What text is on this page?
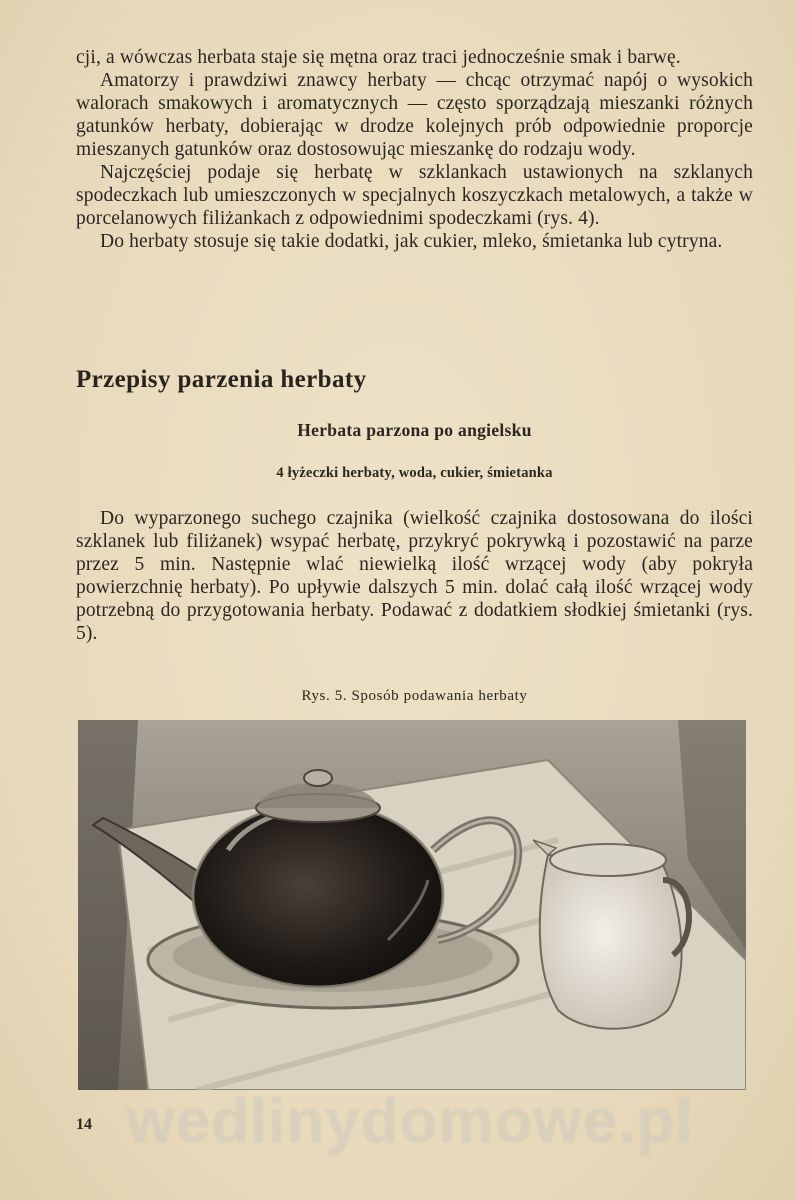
cji, a wówczas herbata staje się mętna oraz traci jednocześnie smak i barwę.

Amatorzy i prawdziwi znawcy herbaty — chcąc otrzymać napój o wysokich walorach smakowych i aromatycznych — często sporządzają mieszanki różnych gatunków herbaty, dobierając w drodze kolejnych prób odpowiednie proporcje mieszanych gatunków oraz dostosowując mieszankę do rodzaju wody.

Najczęściej podaje się herbatę w szklankach ustawionych na szklanych spodeczkach lub umieszczonych w specjalnych koszyczkach metalowych, a także w porcelanowych filiżankach z odpowiednimi spodeczkami (rys. 4).

Do herbaty stosuje się takie dodatki, jak cukier, mleko, śmietanka lub cytryna.

Przepisy parzenia herbaty
Herbata parzona po angielsku
4 łyżeczki herbaty, woda, cukier, śmietanka

Do wyparzonego suchego czajnika (wielkość czajnika dostosowana do ilości szklanek lub filiżanek) wsypać herbatę, przykryć pokrywką i pozostawić na parze przez 5 min. Następnie wlać niewielką ilość wrzącej wody (aby pokryła powierzchnię herbaty). Po upływie dalszych 5 min. dolać całą ilość wrzącej wody potrzebną do przygotowania herbaty. Podawać z dodatkiem słodkiej śmietanki (rys. 5).

Rys. 5. Sposób podawania herbaty
14 wedlinydomowe.pl
